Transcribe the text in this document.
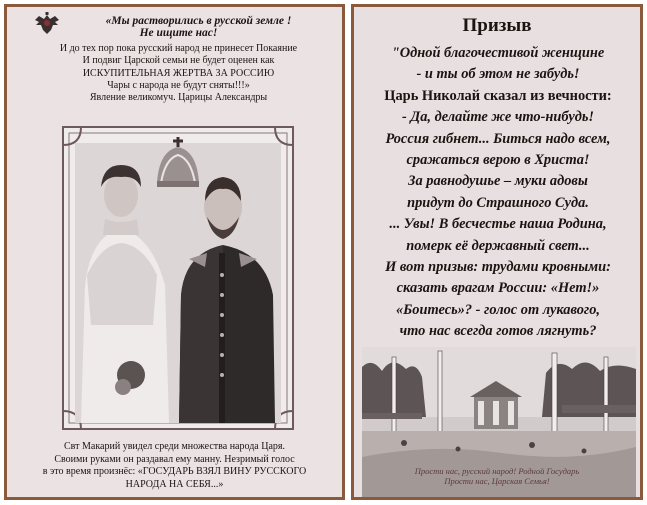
«Мы растворились в русской земле !
Не ищите нас!
И до тех пор пока русский народ не принесет Покаяние
И подвиг Царской семьи не будет оценен как
ИСКУПИТЕЛЬНАЯ ЖЕРТВА ЗА РОССИЮ
Чары с народа не будут сняты!!!»
Явление великомуч. Царицы Александры
Свт Макарий увидел среди множества народа Царя.
Своими руками он раздавал ему манну. Незримый голос
в это время произнёс: «ГОСУДАРЬ ВЗЯЛ ВИНУ РУССКОГО
НАРОДА НА СЕБЯ...»
Призыв
"Одной благочестивой женщине
- и ты об этом не забудь!
Царь Николай сказал из вечности:
- Да, делайте же что-нибудь!
Россия гибнет... Биться надо всем,
сражаться верою в Христа!
За равнодушье – муки адовы
придут до Страшного Суда.
... Увы! В бесчестье наша Родина,
померк её державный свет...
И вот призыв: трудами кровными:
сказать врагам России: «Нет!»
«Боитесь»? - голос от лукавого,
что нас всегда готов лягнуть?
Прости нас, русский народ! Родной Государь
Прости нас, Царская Семья!
